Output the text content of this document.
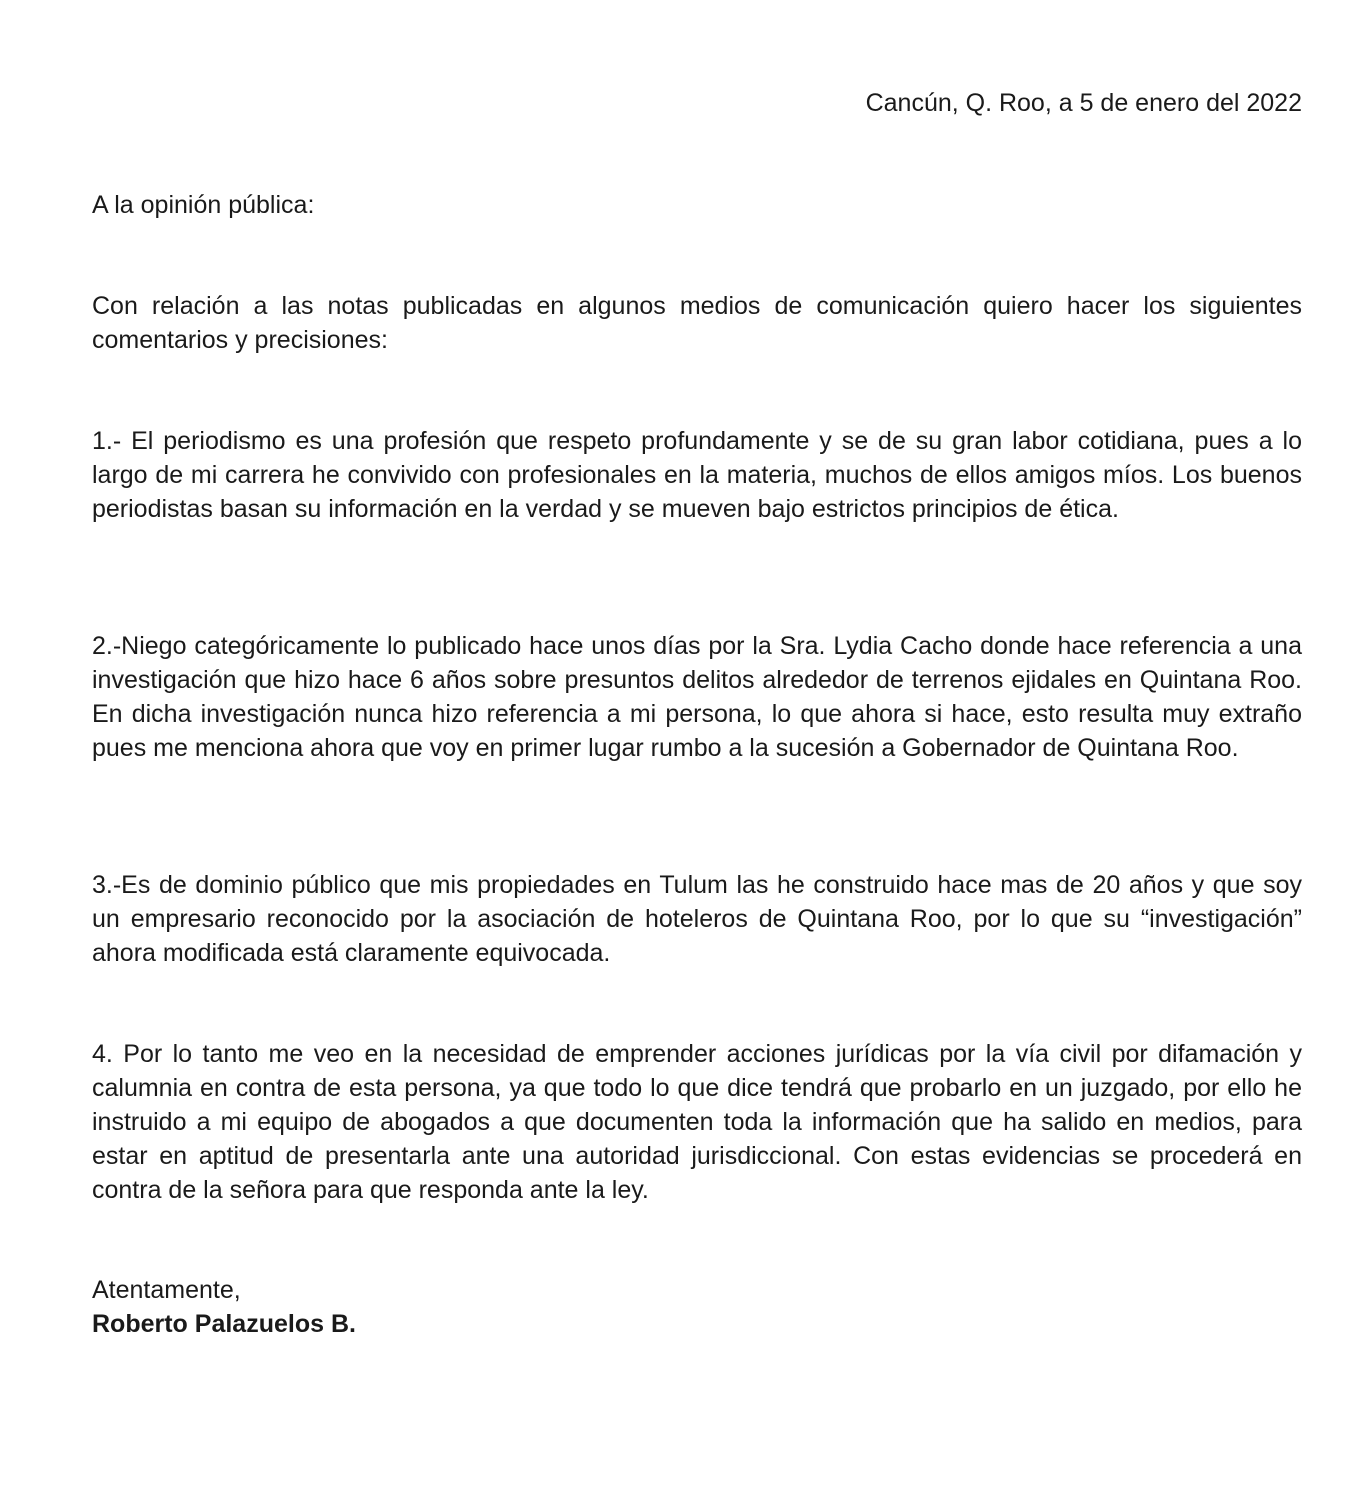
Cancún, Q. Roo, a 5 de enero del 2022
A la opinión pública:

Con relación a las notas publicadas en algunos medios de comunicación quiero hacer los siguientes comentarios y precisiones:

1.- El periodismo es una profesión que respeto profundamente y se de su gran labor cotidiana, pues a lo largo de mi carrera he convivido con profesionales en la materia, muchos de ellos amigos míos. Los buenos periodistas basan su información en la verdad y se mueven bajo estrictos principios de ética.

2.-Niego categóricamente lo publicado hace unos días por la Sra. Lydia Cacho donde hace referencia a una investigación que hizo hace 6 años sobre presuntos delitos alrededor de terrenos ejidales en Quintana Roo. En dicha investigación nunca hizo referencia a mi persona, lo que ahora si hace, esto resulta muy extraño pues me menciona ahora que voy en primer lugar rumbo a la sucesión a Gobernador de Quintana Roo.

3.-Es de dominio público que mis propiedades en Tulum las he construido hace mas de 20 años y que soy un empresario reconocido por la asociación de hoteleros de Quintana Roo, por lo que su “investigación” ahora modificada está claramente equivocada.

4. Por lo tanto me veo en la necesidad de emprender acciones jurídicas por la vía civil por difamación y calumnia en contra de esta persona, ya que todo lo que dice tendrá que probarlo en un juzgado, por ello he instruido a mi equipo de abogados a que documenten toda la información que ha salido en medios, para estar en aptitud de presentarla ante una autoridad jurisdiccional. Con estas evidencias se procederá en contra de la señora para que responda ante la ley.

Atentamente,
Roberto Palazuelos B.
